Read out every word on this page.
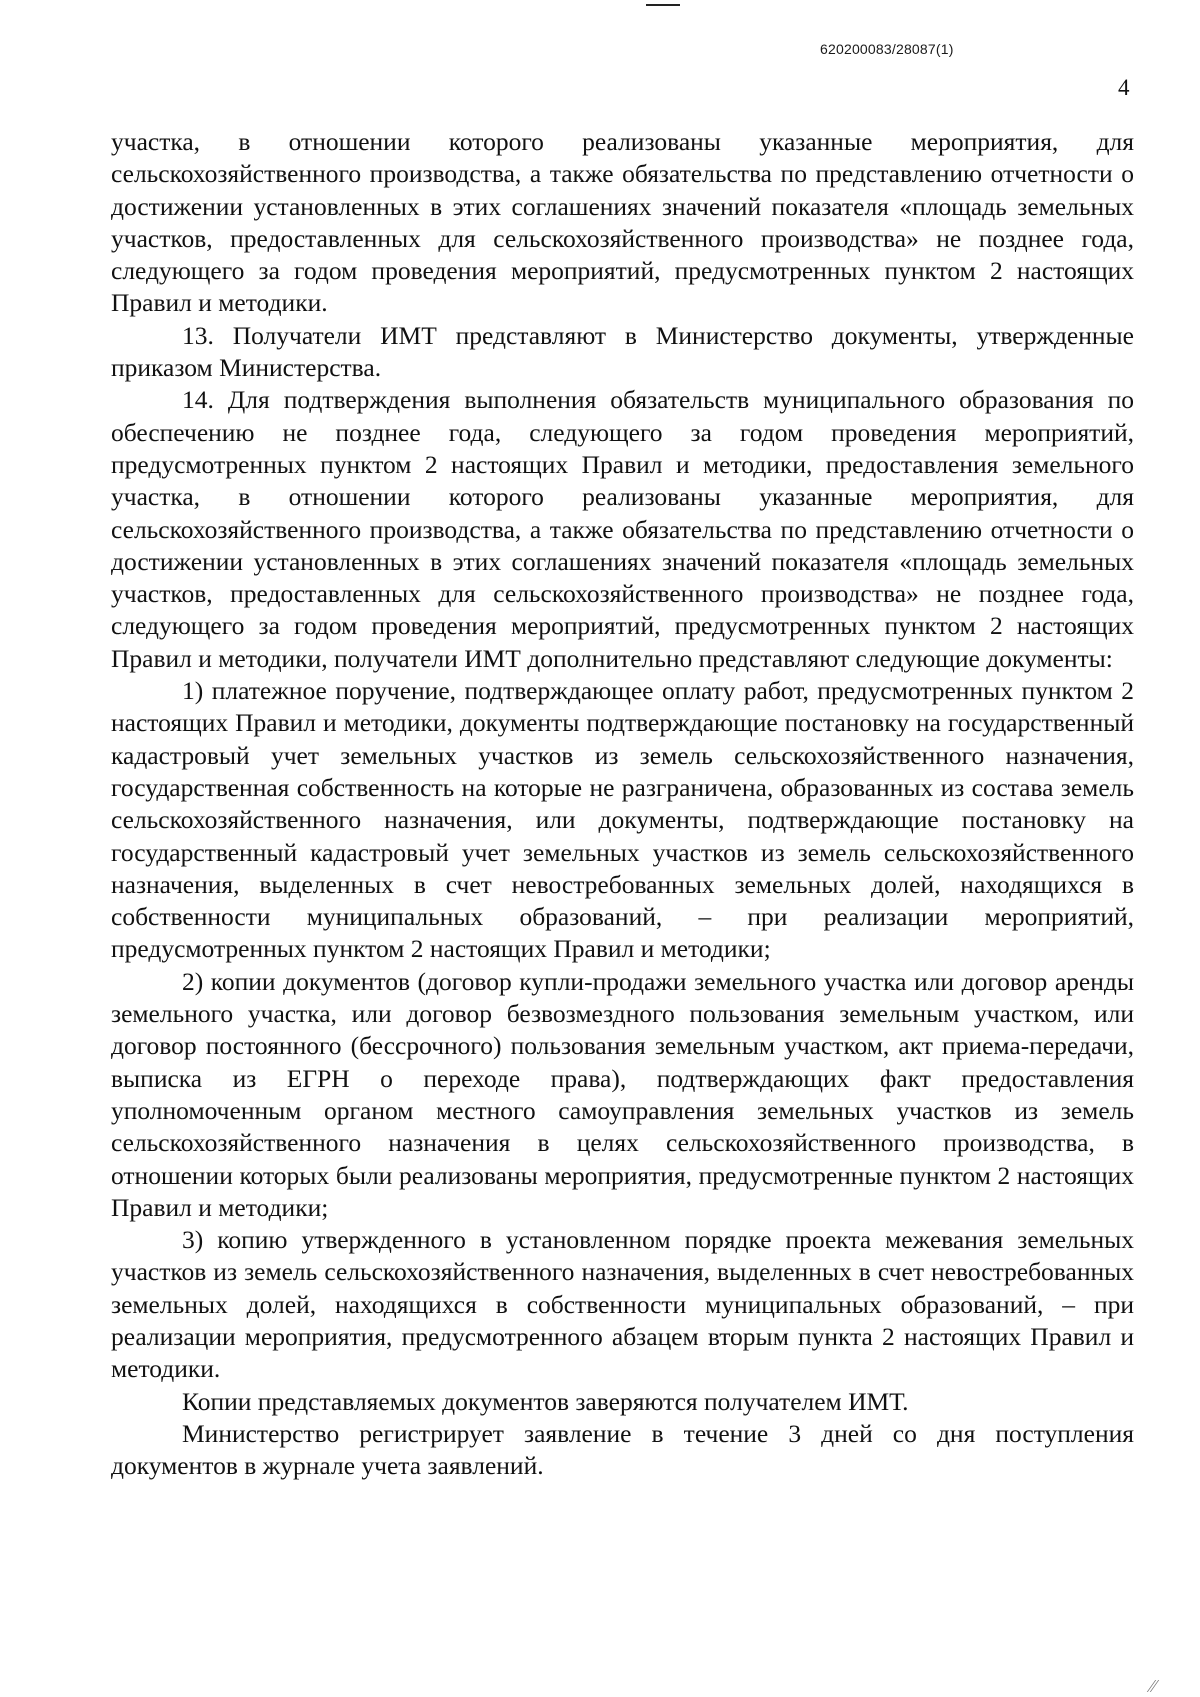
620200083/28087(1)
4

участка, в отношении которого реализованы указанные мероприятия, для сельскохозяйственного производства, а также обязательства по представлению отчетности о достижении установленных в этих соглашениях значений показателя «площадь земельных участков, предоставленных для сельскохозяйственного производства» не позднее года, следующего за годом проведения мероприятий, предусмотренных пунктом 2 настоящих Правил и методики.

13. Получатели ИМТ представляют в Министерство документы, утвержденные приказом Министерства.

14. Для подтверждения выполнения обязательств муниципального образования по обеспечению не позднее года, следующего за годом проведения мероприятий, предусмотренных пунктом 2 настоящих Правил и методики, предоставления земельного участка, в отношении которого реализованы указанные мероприятия, для сельскохозяйственного производства, а также обязательства по представлению отчетности о достижении установленных в этих соглашениях значений показателя «площадь земельных участков, предоставленных для сельскохозяйственного производства» не позднее года, следующего за годом проведения мероприятий, предусмотренных пунктом 2 настоящих Правил и методики, получатели ИМТ дополнительно представляют следующие документы:

1) платежное поручение, подтверждающее оплату работ, предусмотренных пунктом 2 настоящих Правил и методики, документы подтверждающие постановку на государственный кадастровый учет земельных участков из земель сельскохозяйственного назначения, государственная собственность на которые не разграничена, образованных из состава земель сельскохозяйственного назначения, или документы, подтверждающие постановку на государственный кадастровый учет земельных участков из земель сельскохозяйственного назначения, выделенных в счет невостребованных земельных долей, находящихся в собственности муниципальных образований, – при реализации мероприятий, предусмотренных пунктом 2 настоящих Правил и методики;

2) копии документов (договор купли-продажи земельного участка или договор аренды земельного участка, или договор безвозмездного пользования земельным участком, или договор постоянного (бессрочного) пользования земельным участком, акт приема-передачи, выписка из ЕГРН о переходе права), подтверждающих факт предоставления уполномоченным органом местного самоуправления земельных участков из земель сельскохозяйственного назначения в целях сельскохозяйственного производства, в отношении которых были реализованы мероприятия, предусмотренные пунктом 2 настоящих Правил и методики;

3) копию утвержденного в установленном порядке проекта межевания земельных участков из земель сельскохозяйственного назначения, выделенных в счет невостребованных земельных долей, находящихся в собственности муниципальных образований, – при реализации мероприятия, предусмотренного абзацем вторым пункта 2 настоящих Правил и методики.

Копии представляемых документов заверяются получателем ИМТ.

Министерство регистрирует заявление в течение 3 дней со дня поступления документов в журнале учета заявлений.

⁄⁄
